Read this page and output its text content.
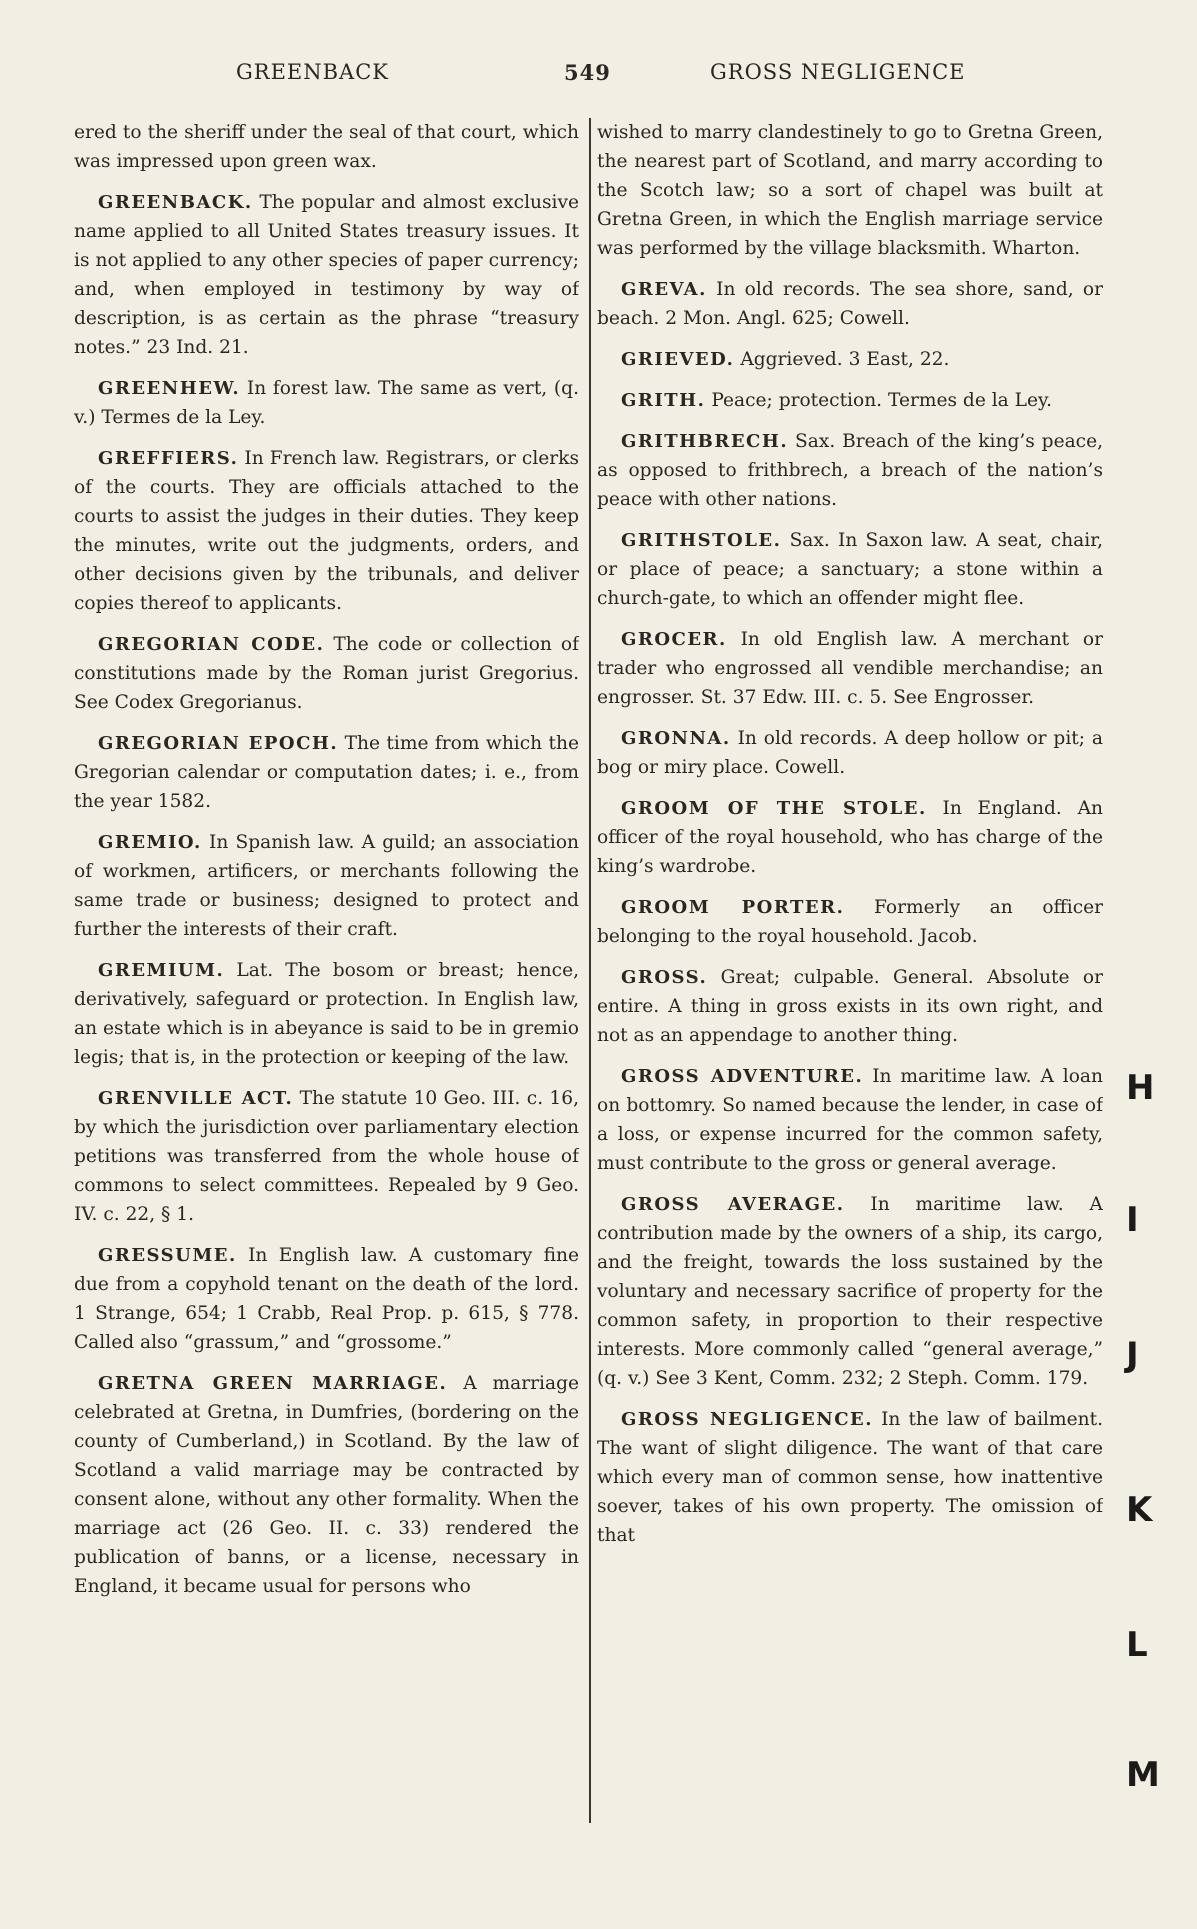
GREENBACK	549	GROSS NEGLIGENCE

ered to the sheriff under the seal of that court, which was impressed upon green wax.

GREENBACK. The popular and almost exclusive name applied to all United States treasury issues. It is not applied to any other species of paper currency; and, when employed in testimony by way of description, is as certain as the phrase “treasury notes.” 23 Ind. 21.

GREENHEW. In forest law. The same as vert, (q. v.) Termes de la Ley.

GREFFIERS. In French law. Registrars, or clerks of the courts. They are officials attached to the courts to assist the judges in their duties. They keep the minutes, write out the judgments, orders, and other decisions given by the tribunals, and deliver copies thereof to applicants.

GREGORIAN CODE. The code or collection of constitutions made by the Roman jurist Gregorius. See Codex Gregorianus.

GREGORIAN EPOCH. The time from which the Gregorian calendar or computation dates; i. e., from the year 1582.

GREMIO. In Spanish law. A guild; an association of workmen, artificers, or merchants following the same trade or business; designed to protect and further the interests of their craft.

GREMIUM. Lat. The bosom or breast; hence, derivatively, safeguard or protection. In English law, an estate which is in abeyance is said to be in gremio legis; that is, in the protection or keeping of the law.

GRENVILLE ACT. The statute 10 Geo. III. c. 16, by which the jurisdiction over parliamentary election petitions was transferred from the whole house of commons to select committees. Repealed by 9 Geo. IV. c. 22, § 1.

GRESSUME. In English law. A customary fine due from a copyhold tenant on the death of the lord. 1 Strange, 654; 1 Crabb, Real Prop. p. 615, § 778. Called also “grassum,” and “grossome.”

GRETNA GREEN MARRIAGE. A marriage celebrated at Gretna, in Dumfries, (bordering on the county of Cumberland,) in Scotland. By the law of Scotland a valid marriage may be contracted by consent alone, without any other formality. When the marriage act (26 Geo. II. c. 33) rendered the publication of banns, or a license, necessary in England, it became usual for persons who

wished to marry clandestinely to go to Gretna Green, the nearest part of Scotland, and marry according to the Scotch law; so a sort of chapel was built at Gretna Green, in which the English marriage service was performed by the village blacksmith. Wharton.

GREVA. In old records. The sea shore, sand, or beach. 2 Mon. Angl. 625; Cowell.

GRIEVED. Aggrieved. 3 East, 22.

GRITH. Peace; protection. Termes de la Ley.

GRITHBRECH. Sax. Breach of the king’s peace, as opposed to frithbrech, a breach of the nation’s peace with other nations.

GRITHSTOLE. Sax. In Saxon law. A seat, chair, or place of peace; a sanctuary; a stone within a church-gate, to which an offender might flee.

GROCER. In old English law. A merchant or trader who engrossed all vendible merchandise; an engrosser. St. 37 Edw. III. c. 5. See Engrosser.

GRONNA. In old records. A deep hollow or pit; a bog or miry place. Cowell.

GROOM OF THE STOLE. In England. An officer of the royal household, who has charge of the king’s wardrobe.

GROOM PORTER. Formerly an officer belonging to the royal household. Jacob.

GROSS. Great; culpable. General. Absolute or entire. A thing in gross exists in its own right, and not as an appendage to another thing.

GROSS ADVENTURE. In maritime law. A loan on bottomry. So named because the lender, in case of a loss, or expense incurred for the common safety, must contribute to the gross or general average.

GROSS AVERAGE. In maritime law. A contribution made by the owners of a ship, its cargo, and the freight, towards the loss sustained by the voluntary and necessary sacrifice of property for the common safety, in proportion to their respective interests. More commonly called “general average,” (q. v.) See 3 Kent, Comm. 232; 2 Steph. Comm. 179.

GROSS NEGLIGENCE. In the law of bailment. The want of slight diligence. The want of that care which every man of common sense, how inattentive soever, takes of his own property. The omission of that

H
I
J
K
L
M
